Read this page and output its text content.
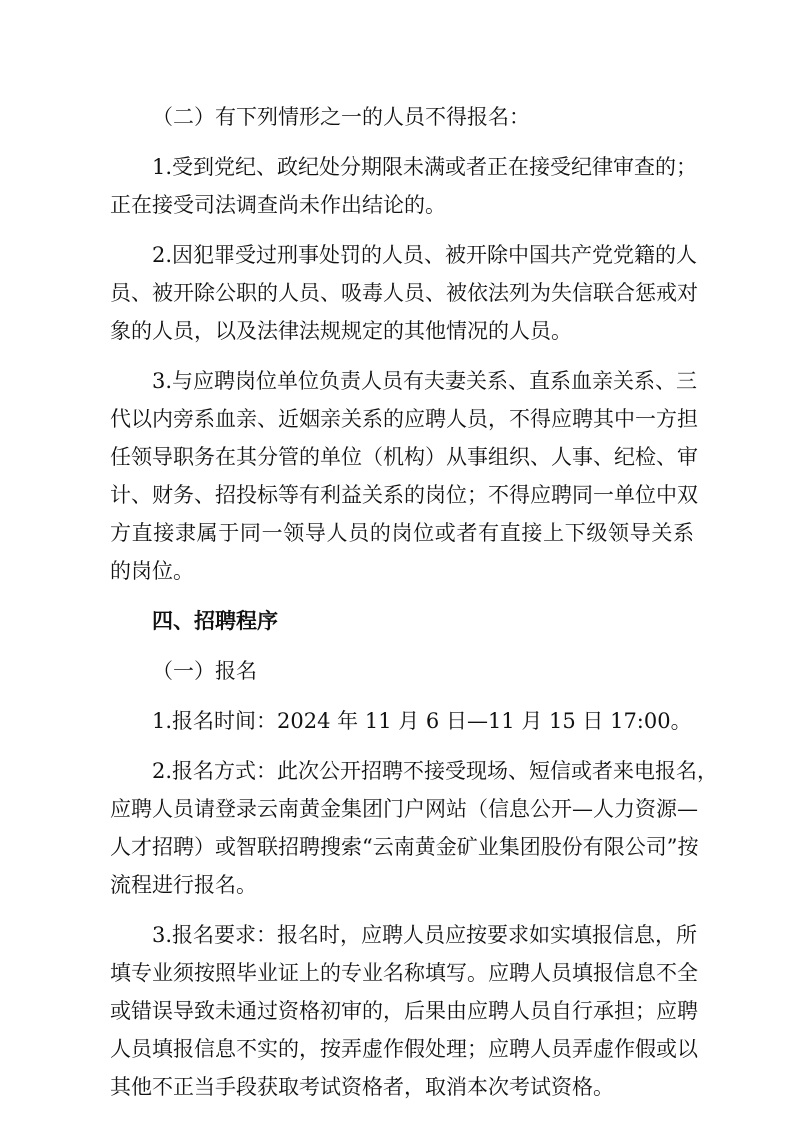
（二）有下列情形之一的人员不得报名：
1.受到党纪、政纪处分期限未满或者正在接受纪律审查的；
正在接受司法调查尚未作出结论的。
2.因犯罪受过刑事处罚的人员、被开除中国共产党党籍的人
员、被开除公职的人员、吸毒人员、被依法列为失信联合惩戒对
象的人员，以及法律法规规定的其他情况的人员。
3.与应聘岗位单位负责人员有夫妻关系、直系血亲关系、三
代以内旁系血亲、近姻亲关系的应聘人员，不得应聘其中一方担
任领导职务在其分管的单位（机构）从事组织、人事、纪检、审
计、财务、招投标等有利益关系的岗位；不得应聘同一单位中双
方直接隶属于同一领导人员的岗位或者有直接上下级领导关系
的岗位。
四、招聘程序
（一）报名
1.报名时间：2024 年 11 月 6 日—11 月 15 日 17:00。
2.报名方式：此次公开招聘不接受现场、短信或者来电报名，
应聘人员请登录云南黄金集团门户网站（信息公开—人力资源—
人才招聘）或智联招聘搜索“云南黄金矿业集团股份有限公司”按
流程进行报名。
3.报名要求：报名时，应聘人员应按要求如实填报信息，所
填专业须按照毕业证上的专业名称填写。应聘人员填报信息不全
或错误导致未通过资格初审的，后果由应聘人员自行承担；应聘
人员填报信息不实的，按弄虚作假处理；应聘人员弄虚作假或以
其他不正当手段获取考试资格者，取消本次考试资格。
